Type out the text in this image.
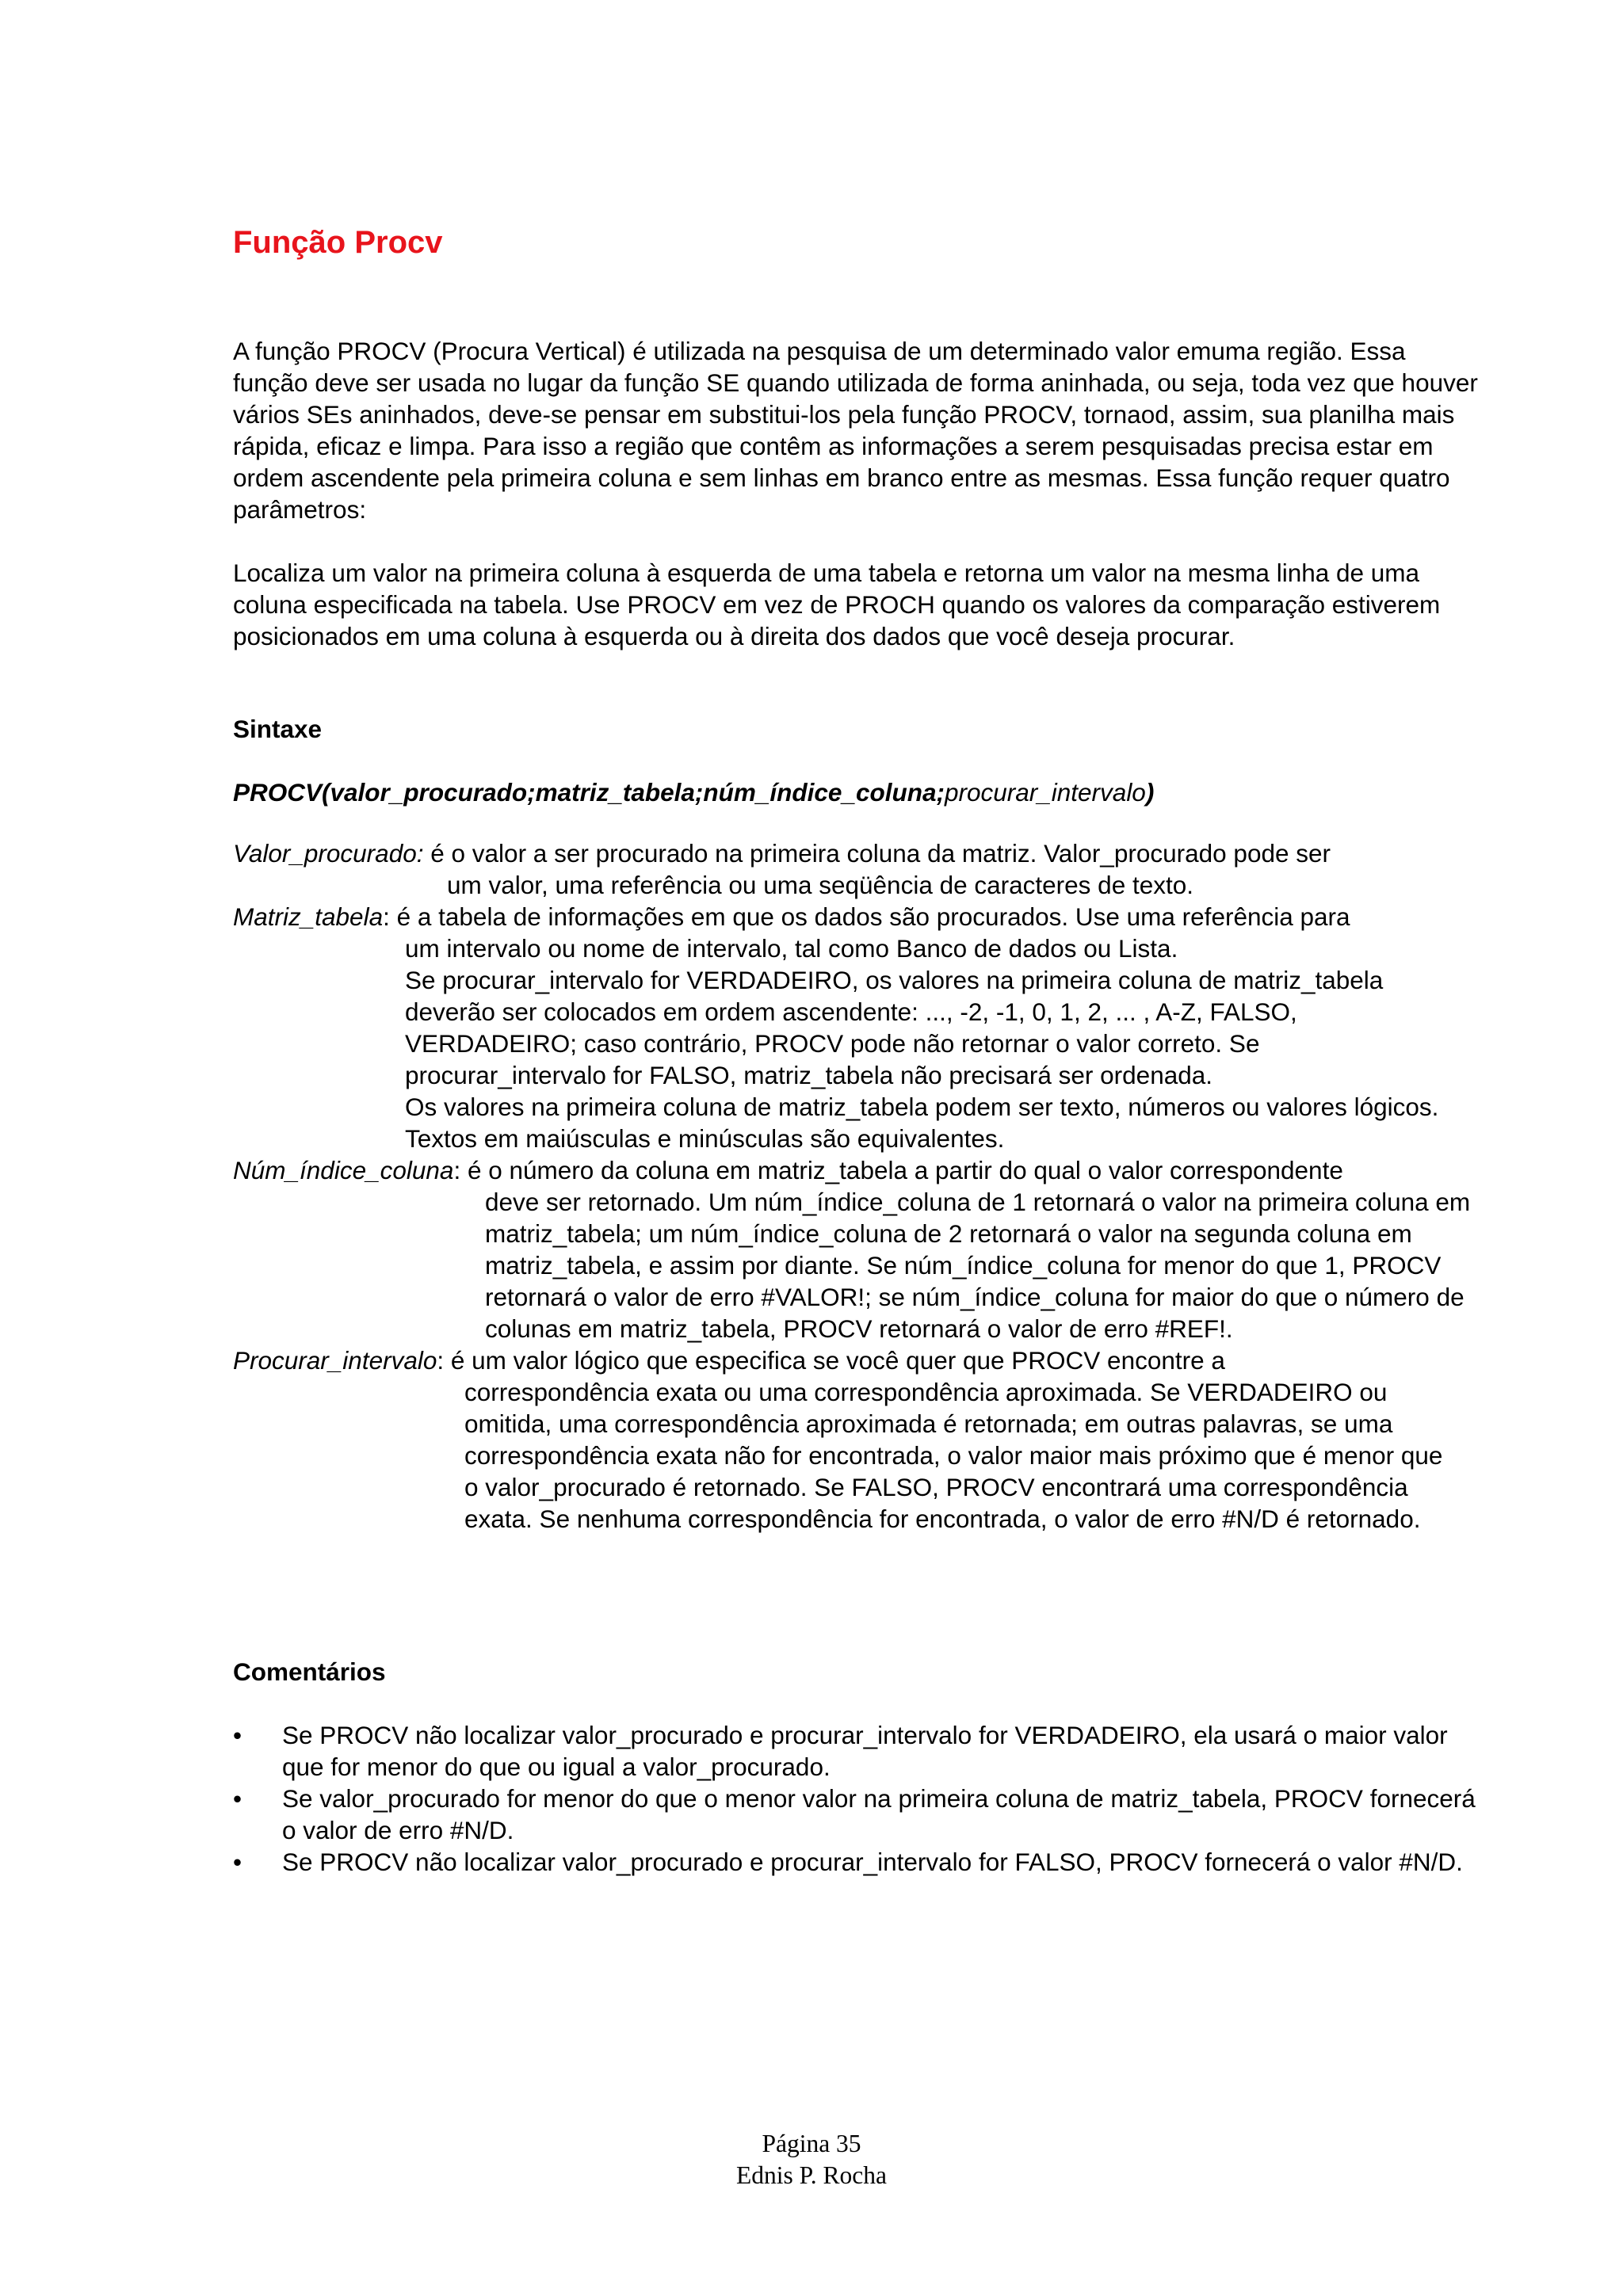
Função Procv

A função PROCV (Procura Vertical) é utilizada na pesquisa de um determinado valor emuma região. Essa função deve ser usada no lugar da função SE quando utilizada de forma aninhada, ou seja, toda vez que houver vários SEs aninhados, deve-se pensar em substitui-los pela função PROCV, tornaod, assim, sua planilha mais rápida, eficaz e limpa. Para isso a região que contêm as informações a serem pesquisadas precisa estar em ordem ascendente pela primeira coluna e sem linhas em branco entre as mesmas. Essa função requer quatro parâmetros:

Localiza um valor na primeira coluna à esquerda de uma tabela e retorna um valor na mesma linha de uma coluna especificada na tabela. Use PROCV em vez de PROCH quando os valores da comparação estiverem posicionados em uma coluna à esquerda ou à direita dos dados que você deseja procurar.

Sintaxe

PROCV(valor_procurado;matriz_tabela;núm_índice_coluna;procurar_intervalo)

Valor_procurado: é o valor a ser procurado na primeira coluna da matriz. Valor_procurado pode ser
um valor, uma referência ou uma seqüência de caracteres de texto.
Matriz_tabela: é a tabela de informações em que os dados são procurados. Use uma referência para
um intervalo ou nome de intervalo, tal como Banco de dados ou Lista.
Se procurar_intervalo for VERDADEIRO, os valores na primeira coluna de matriz_tabela deverão ser colocados em ordem ascendente: ..., -2, -1, 0, 1, 2, ... , A-Z, FALSO, VERDADEIRO; caso contrário, PROCV pode não retornar o valor correto. Se procurar_intervalo for FALSO, matriz_tabela não precisará ser ordenada.
Os valores na primeira coluna de matriz_tabela podem ser texto, números ou valores lógicos.
Textos em maiúsculas e minúsculas são equivalentes.
Núm_índice_coluna: é o número da coluna em matriz_tabela a partir do qual o valor correspondente
deve ser retornado. Um núm_índice_coluna de 1 retornará o valor na primeira coluna em matriz_tabela; um núm_índice_coluna de 2 retornará o valor na segunda coluna em matriz_tabela, e assim por diante. Se núm_índice_coluna for menor do que 1, PROCV retornará o valor de erro #VALOR!; se núm_índice_coluna for maior do que o número de colunas em matriz_tabela, PROCV retornará o valor de erro #REF!.
Procurar_intervalo: é um valor lógico que especifica se você quer que PROCV encontre a
correspondência exata ou uma correspondência aproximada. Se VERDADEIRO ou omitida, uma correspondência aproximada é retornada; em outras palavras, se uma correspondência exata não for encontrada, o valor maior mais próximo que é menor que o valor_procurado é retornado. Se FALSO, PROCV encontrará uma correspondência exata. Se nenhuma correspondência for encontrada, o valor de erro #N/D é retornado.

Comentários

• Se PROCV não localizar valor_procurado e procurar_intervalo for VERDADEIRO, ela usará o maior valor que for menor do que ou igual a valor_procurado.
• Se valor_procurado for menor do que o menor valor na primeira coluna de matriz_tabela, PROCV fornecerá o valor de erro #N/D.
• Se PROCV não localizar valor_procurado e procurar_intervalo for FALSO, PROCV fornecerá o valor #N/D.
Página 35
Ednis P. Rocha
